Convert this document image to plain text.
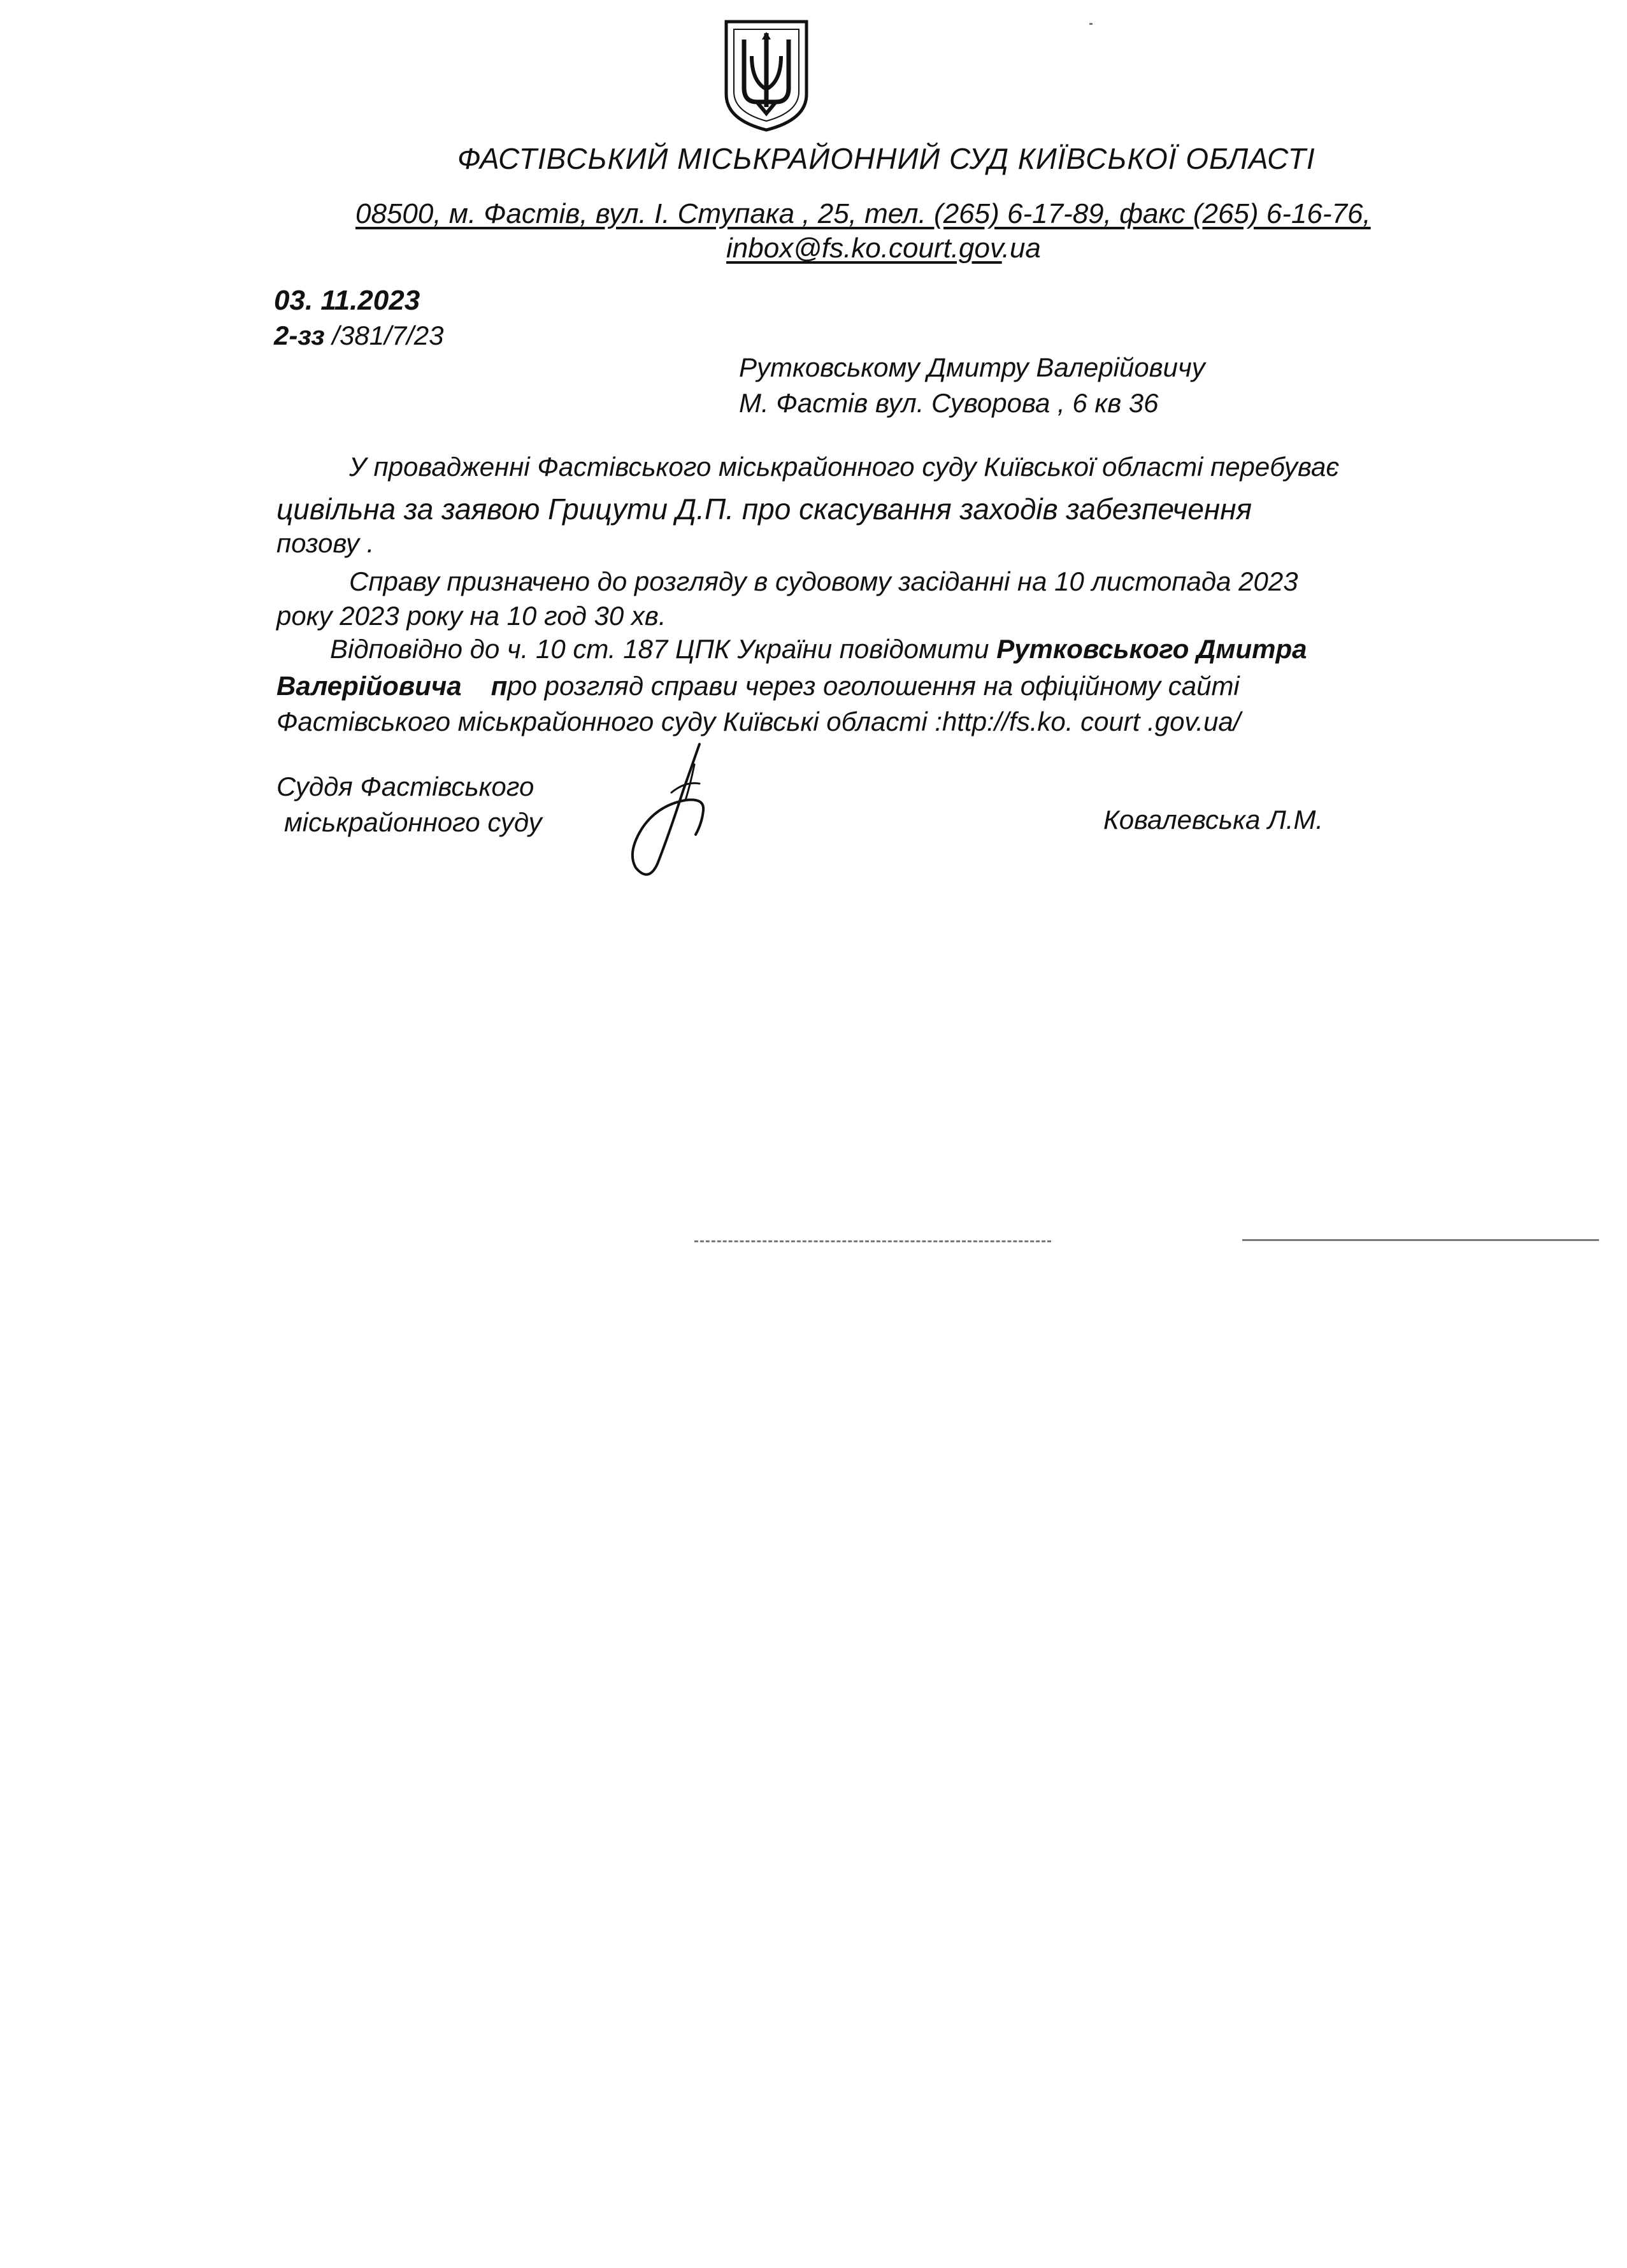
ФАСТІВСЬКИЙ МІСЬКРАЙОННИЙ СУД КИЇВСЬКОЇ ОБЛАСТІ
08500, м. Фастів, вул. І. Ступака , 25, тел. (265) 6-17-89, факс (265) 6-16-76,
inbox@fs.ko.court.gov.ua
03. 11.2023
2-зз /381/7/23
Рутковському Дмитру Валерійовичу
М. Фастів вул. Суворова , 6 кв 36
У провадженні Фастівського міськрайонного суду Київської області перебуває
цивільна за заявою Грицути Д.П. про скасування заходів забезпечення
позову .
Справу призначено до розгляду в судовому засіданні на 10 листопада 2023
року 2023 року на 10 год 30 хв.
Відповідно до ч. 10 ст. 187 ЦПК України повідомити Рутковського Дмитра
Валерійовича про розгляд справи через оголошення на офіційному сайті
Фастівського міськрайонного суду Київські області :http://fs.ko. court .gov.ua/
Суддя Фастівського
міськрайонного суду	Ковалевська Л.М.
